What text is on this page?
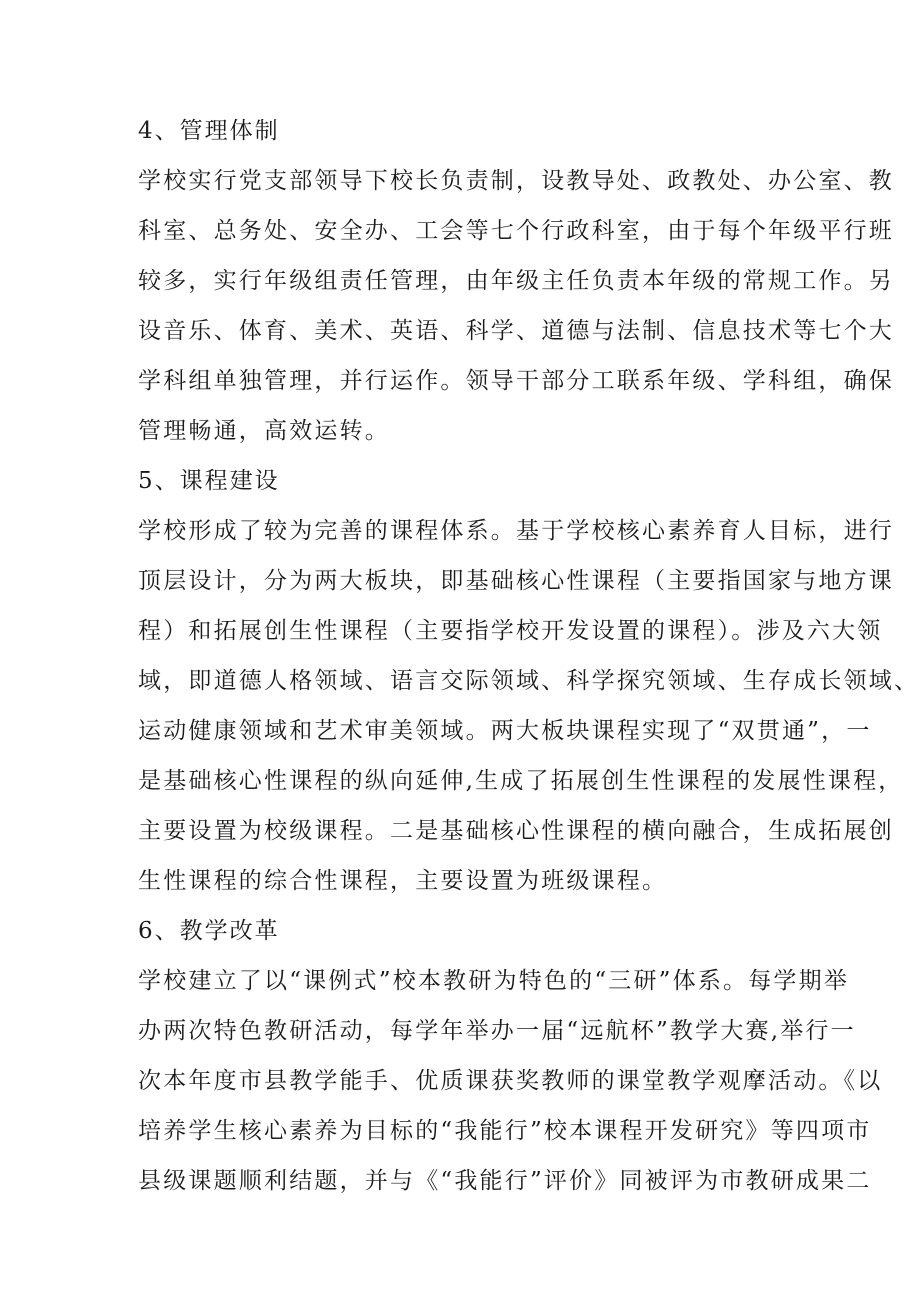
4、管理体制
学校实行党支部领导下校长负责制，设教导处、政教处、办公室、教
科室、总务处、安全办、工会等七个行政科室，由于每个年级平行班
较多，实行年级组责任管理，由年级主任负责本年级的常规工作。另
设音乐、体育、美术、英语、科学、道德与法制、信息技术等七个大
学科组单独管理，并行运作。领导干部分工联系年级、学科组，确保
管理畅通，高效运转。
5、课程建设
学校形成了较为完善的课程体系。基于学校核心素养育人目标，进行
顶层设计，分为两大板块，即基础核心性课程（主要指国家与地方课
程）和拓展创生性课程（主要指学校开发设置的课程）。涉及六大领
域，即道德人格领域、语言交际领域、科学探究领域、生存成长领域、
运动健康领域和艺术审美领域。两大板块课程实现了“双贯通”，一
是基础核心性课程的纵向延伸,生成了拓展创生性课程的发展性课程，
主要设置为校级课程。二是基础核心性课程的横向融合，生成拓展创
生性课程的综合性课程，主要设置为班级课程。
6、教学改革
学校建立了以“课例式”校本教研为特色的“三研”体系。每学期举
办两次特色教研活动，每学年举办一届“远航杯”教学大赛,举行一
次本年度市县教学能手、优质课获奖教师的课堂教学观摩活动。《以
培养学生核心素养为目标的“我能行”校本课程开发研究》等四项市
县级课题顺利结题，并与《“我能行”评价》同被评为市教研成果二
